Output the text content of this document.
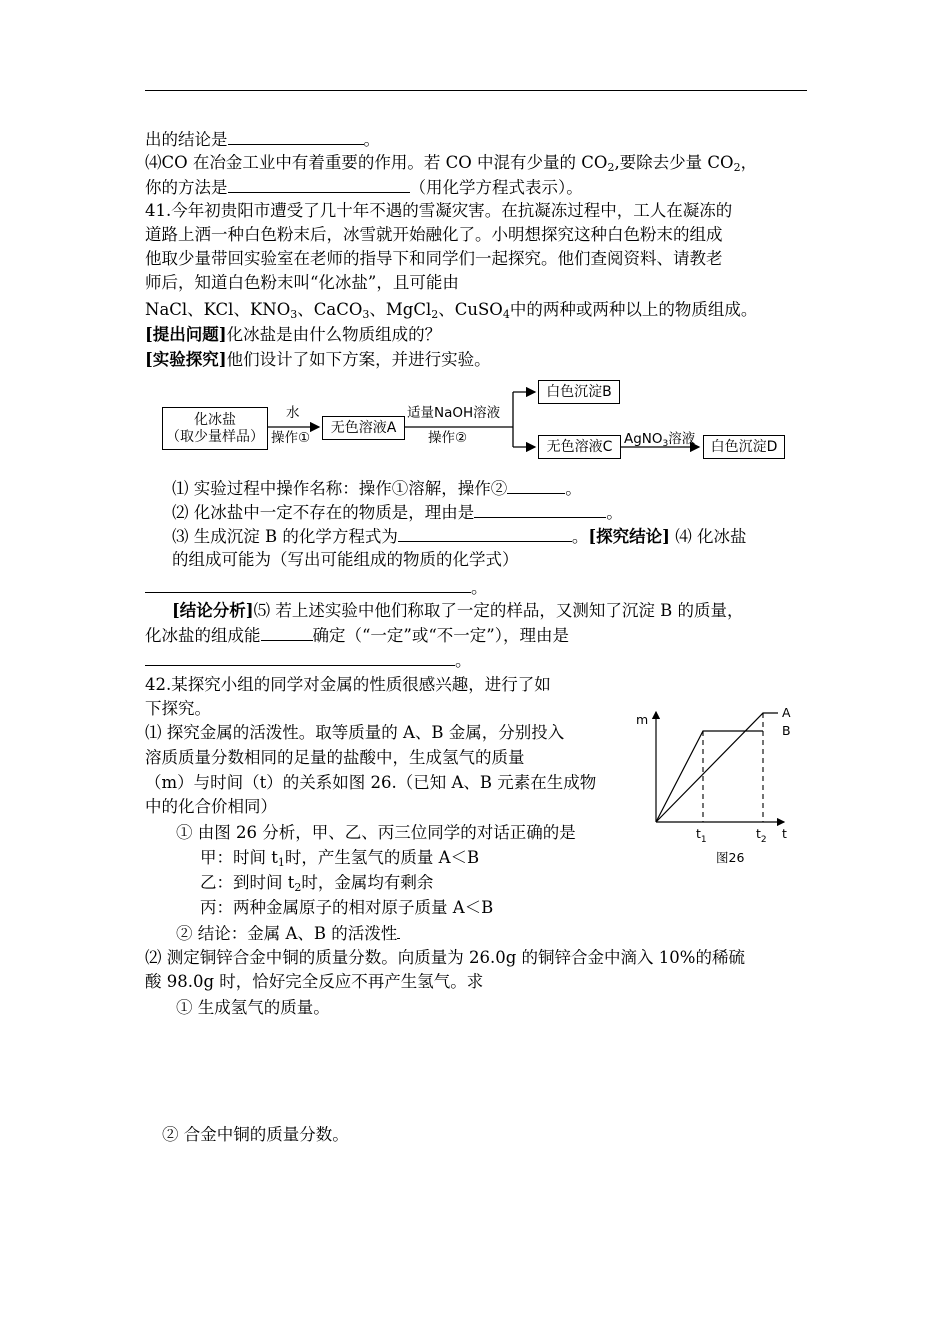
出的结论是	。
⑷CO 在冶金工业中有着重要的作用。若 CO 中混有少量的 $CO_2$,要除去少量 $CO_2$，
你的方法是	（用化学方程式表示）。
41.今年初贵阳市遭受了几十年不遇的雪凝灾害。在抗凝冻过程中，工人在凝冻的
道路上洒一种白色粉末后，冰雪就开始融化了。小明想探究这种白色粉末的组成
他取少量带回实验室在老师的指导下和同学们一起探究。他们查阅资料、请教老
师后，知道白色粉末叫“化冰盐”，且可能由
NaCl、KCl、$KNO_3$、CaCO$_3$、MgCl$_2$、CuSO$_4$中的两种或两种以上的物质组成。
[提出问题]化冰盐是由什么物质组成的？
[实验探究]他们设计了如下方案，并进行实验。
化冰盐
（取少量样品）
水
操作①
无色溶液A
适量NaOH溶液
操作②
白色沉淀B
无色溶液C AgNO$_3$溶液	白色沉淀D
⑴ 实验过程中操作名称：操作①溶解，操作②	。
⑵ 化冰盐中一定不存在的物质是，理由是	。
⑶ 生成沉淀 B 的化学方程式为	。[探究结论] ⑷ 化冰盐
的组成可能为（写出可能组成的物质的化学式）
。
[结论分析]⑸ 若上述实验中他们称取了一定的样品，又测知了沉淀 B 的质量，
化冰盐的组成能	确定（“一定”或“不一定”），理由是
。
42.某探究小组的同学对金属的性质很感兴趣，进行了如
下探究。
⑴ 探究金属的活泼性。取等质量的 A、B 金属，分别投入
溶质质量分数相同的足量的盐酸中，生成氢气的质量
（m）与时间（t）的关系如图 26.（已知 A、B 元素在生成物
中的化合价相同）
① 由图 26 分析，甲、乙、丙三位同学的对话正确的是
甲：时间 $t_1$时，产生氢气的质量 A＜B
乙：到时间 $t_2$时，金属均有剩余
丙：两种金属原子的相对原子质量 A＜B
② 结论：金属 A、B 的活泼性
⑵ 测定铜锌合金中铜的质量分数。向质量为 26.0g 的铜锌合金中滴入 10%的稀硫
酸 98.0g 时，恰好完全反应不再产生氢气。求
① 生成氢气的质量。
② 合金中铜的质量分数。
m
t
A
B
$t_1$	$t_2$
图26
